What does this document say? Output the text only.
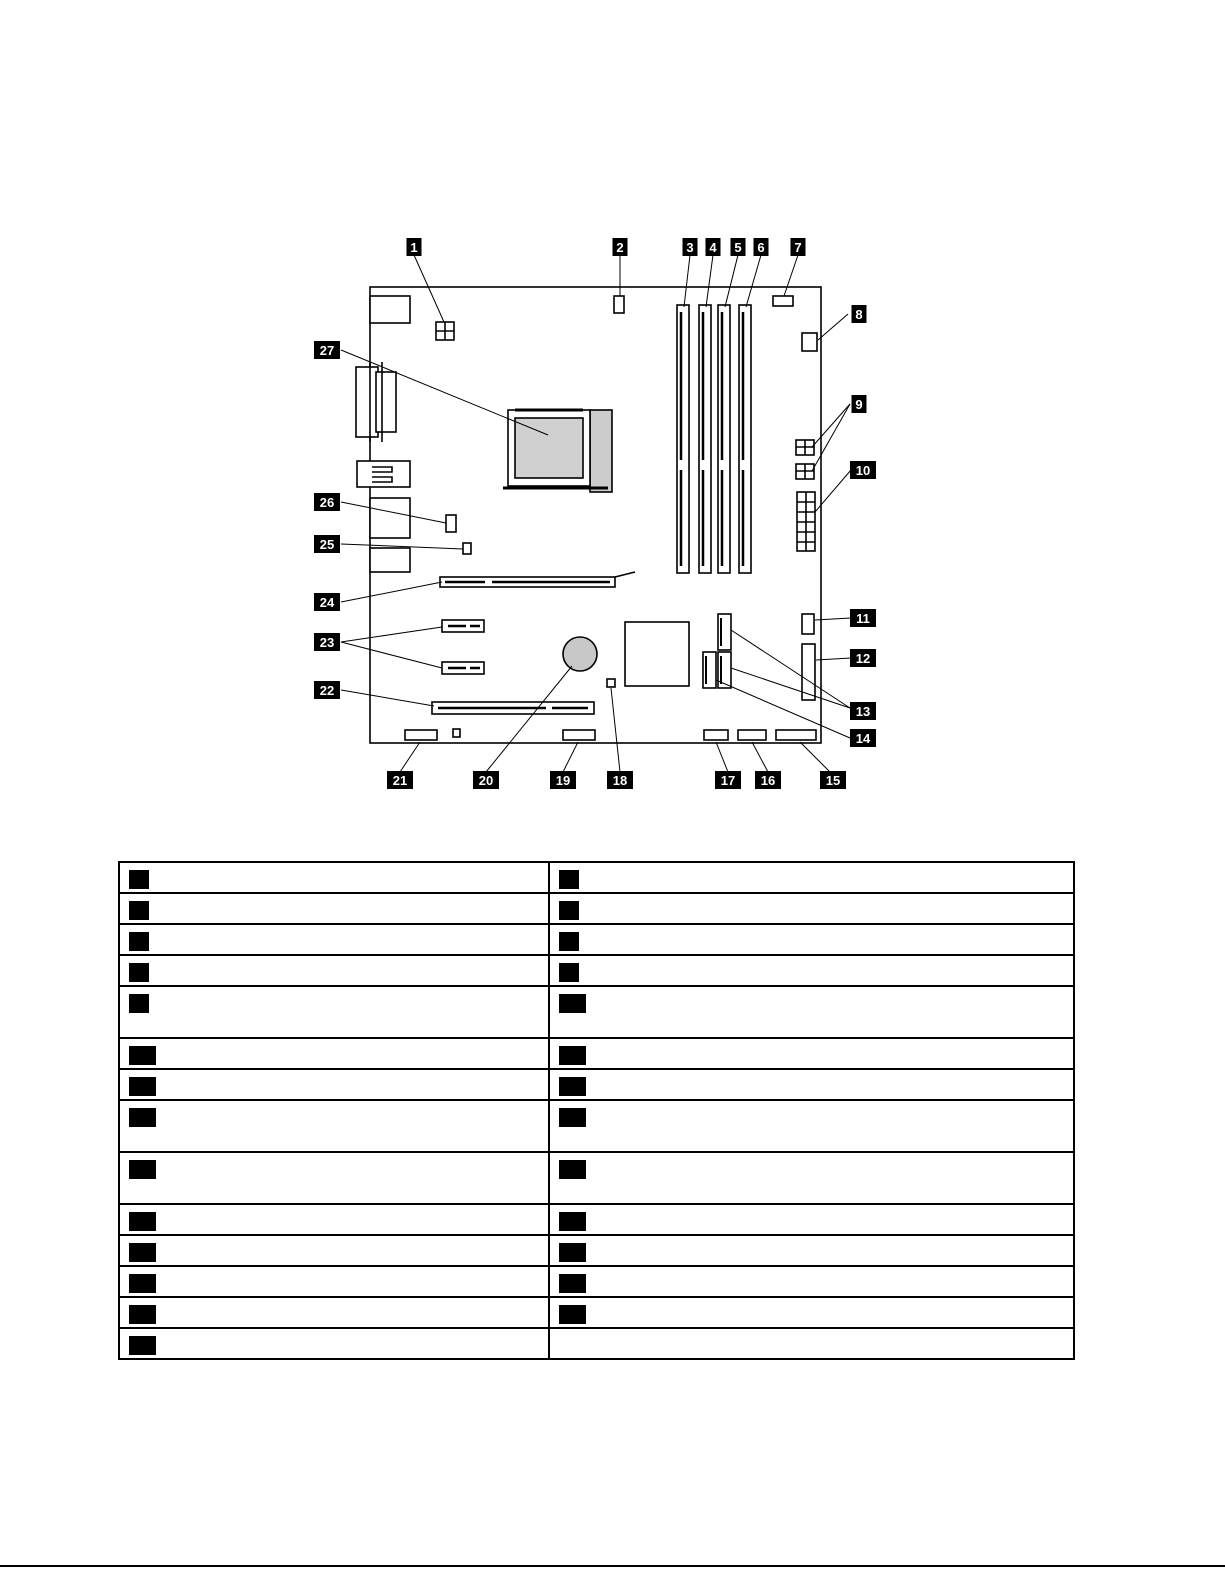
1	2	3 4 5 6 7
8
9
10
11
12
13
14
15
16
17
18
19
20
21
22
23
24
25
26
27
1	2
3	4
5	6
7	8
9	10
11	12
13	14
15	16
17	18
19	20
21	22
23	24
25	26
27	
